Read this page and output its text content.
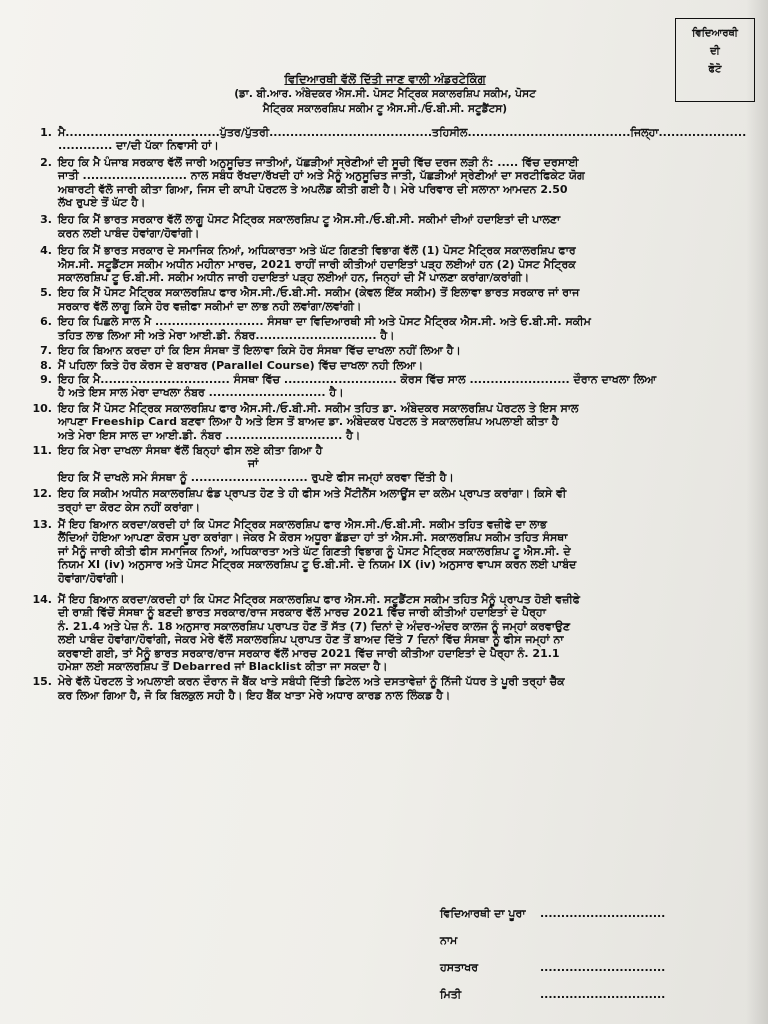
ਵਿਦਿਆਰਥੀ
ਦੀ
ਫੋਟੋ
ਵਿਦਿਆਰਥੀ ਵੱਲੋਂ ਦਿੱਤੀ ਜਾਣ ਵਾਲੀ ਅੰਡਰਟੇਕਿੰਗ
(ਡਾ. ਬੀ.ਆਰ. ਅੰਬੇਦਕਰ ਐਸ.ਸੀ. ਪੋਸਟ ਮੈਟ੍ਰਿਕ ਸਕਾਲਰਸ਼ਿਪ ਸਕੀਮ, ਪੋਸਟ
ਮੈਟ੍ਰਿਕ ਸਕਾਲਰਸ਼ਿਪ ਸਕੀਮ ਟੂ ਐਸ.ਸੀ./ਓ.ਬੀ.ਸੀ. ਸਟੂਡੈਂਟਸ)
1. ਮੈ.....................................ਪੁੱਤਰ/ਪੁੱਤਰੀ.......................................ਤਹਿਸੀਲ.......................................ਜਿਲ੍ਹਾ.....................

............. ਦਾ/ਦੀ ਪੱਕਾ ਨਿਵਾਸੀ ਹਾਂ।

2. ਇਹ ਕਿ ਮੈ ਪੰਜਾਬ ਸਰਕਾਰ ਵੱਲੋਂ ਜਾਰੀ ਅਨੁਸੂਚਿਤ ਜਾਤੀਆਂ, ਪੱਛੜੀਆਂ ਸ੍ਰੇਣੀਆਂ ਦੀ ਸੂਚੀ ਵਿੱਚ ਦਰਜ ਲੜੀ ਨੰ: ..... ਵਿੱਚ ਦਰਸਾਈ

ਜਾਤੀ ......................... ਨਾਲ ਸਬੰਧ ਰੱਖਦਾ/ਰੱਖਦੀ ਹਾਂ ਅਤੇ ਮੈਨੂੰ ਅਨੁਸੂਚਿਤ ਜਾਤੀ, ਪੱਛੜੀਆਂ ਸ੍ਰੇਣੀਆਂ ਦਾ ਸਰਟੀਫਿਕੇਟ ਯੋਗ

ਅਥਾਰਟੀ ਵੱਲੋ ਜਾਰੀ ਕੀਤਾ ਗਿਆ, ਜਿਸ ਦੀ ਕਾਪੀ ਪੋਰਟਲ ਤੇ ਅਪਲੋਡ ਕੀਤੀ ਗਈ ਹੈ। ਮੇਰੇ ਪਰਿਵਾਰ ਦੀ ਸਲਾਨਾ ਆਮਦਨ 2.50

ਲੱਖ ਰੁਪਏ ਤੋਂ ਘੱਟ ਹੈ।

3. ਇਹ ਕਿ ਮੈਂ ਭਾਰਤ ਸਰਕਾਰ ਵੱਲੋਂ ਲਾਗੂ ਪੋਸਟ ਮੈਟ੍ਰਿਕ ਸਕਾਲਰਸ਼ਿਪ ਟੂ ਐਸ.ਸੀ./ਓ.ਬੀ.ਸੀ. ਸਕੀਮਾਂ ਦੀਆਂ ਹਦਾਇਤਾਂ ਦੀ ਪਾਲਣਾ

ਕਰਨ ਲਈ ਪਾਬੰਦ ਹੋਵਾਂਗਾ/ਹੋਵਾਂਗੀ।

4. ਇਹ ਕਿ ਮੈਂ ਭਾਰਤ ਸਰਕਾਰ ਦੇ ਸਮਾਜਿਕ ਨਿਆਂ, ਅਧਿਕਾਰਤਾ ਅਤੇ ਘੱਟ ਗਿਣਤੀ ਵਿਭਾਗ ਵੱਲੋਂ (1) ਪੋਸਟ ਮੈਟ੍ਰਿਕ ਸਕਾਲਰਸ਼ਿਪ ਫਾਰ

ਐਸ.ਸੀ. ਸਟੂਡੈਂਟਸ ਸਕੀਮ ਅਧੀਨ ਮਹੀਨਾ ਮਾਰਚ, 2021 ਰਾਹੀਂ ਜਾਰੀ ਕੀਤੀਆਂ ਹਦਾਇਤਾਂ ਪੜ੍ਹ ਲਈਆਂ ਹਨ (2) ਪੋਸਟ ਮੈਟ੍ਰਿਕ

ਸਕਾਲਰਸ਼ਿਪ ਟੂ ਓ.ਬੀ.ਸੀ. ਸਕੀਮ ਅਧੀਨ ਜਾਰੀ ਹਦਾਇਤਾਂ ਪੜ੍ਹ ਲਈਆਂ ਹਨ, ਜਿਨ੍ਹਾਂ ਦੀ ਮੈਂ ਪਾਲਣਾ ਕਰਾਂਗਾ/ਕਰਾਂਗੀ।

5. ਇਹ ਕਿ ਮੈਂ ਪੋਸਟ ਮੈਟ੍ਰਿਕ ਸਕਾਲਰਸ਼ਿਪ ਫਾਰ ਐਸ.ਸੀ./ਓ.ਬੀ.ਸੀ. ਸਕੀਮ (ਕੇਵਲ ਇੱਕ ਸਕੀਮ) ਤੋਂ ਇਲਾਵਾ ਭਾਰਤ ਸਰਕਾਰ ਜਾਂ ਰਾਜ

ਸਰਕਾਰ ਵੱਲੋਂ ਲਾਗੂ ਕਿਸੇ ਹੋਰ ਵਜ਼ੀਫਾ ਸਕੀਮਾਂ ਦਾ ਲਾਭ ਨਹੀ ਲਵਾਂਗਾ/ਲਵਾਂਗੀ।

6. ਇਹ ਕਿ ਪਿਛਲੇ ਸਾਲ ਮੈ .......................... ਸੰਸਥਾ ਦਾ ਵਿਦਿਆਰਥੀ ਸੀ ਅਤੇ ਪੋਸਟ ਮੈਟ੍ਰਿਕ ਐਸ.ਸੀ. ਅਤੇ ਓ.ਬੀ.ਸੀ. ਸਕੀਮ

ਤਹਿਤ ਲਾਭ ਲਿਆ ਸੀ ਅਤੇ ਮੇਰਾ ਆਈ.ਡੀ. ਨੰਬਰ............................. ਹੈ।

7. ਇਹ ਕਿ ਬਿਆਨ ਕਰਦਾ ਹਾਂ ਕਿ ਇਸ ਸੰਸਥਾ ਤੋਂ ਇਲਾਵਾ ਕਿਸੇ ਹੋਰ ਸੰਸਥਾ ਵਿੱਚ ਦਾਖਲਾ ਨਹੀਂ ਲਿਆ ਹੈ।

8. ਮੈਂ ਪਹਿਲਾ ਕਿਤੇ ਹੋਰ ਕੋਰਸ ਦੇ ਬਰਾਬਰ (Parallel Course) ਵਿੱਚ ਦਾਖਲਾ ਨਹੀ ਲਿਆ।

9. ਇਹ ਕਿ ਮੈ............................... ਸੰਸਥਾ ਵਿੱਚ ........................... ਕੋਰਸ ਵਿੱਚ ਸਾਲ ........................ ਦੌਰਾਨ ਦਾਖਲਾ ਲਿਆ

ਹੈ ਅਤੇ ਇਸ ਸਾਲ ਮੇਰਾ ਦਾਖਲਾ ਨੰਬਰ ............................ ਹੈ।

10. ਇਹ ਕਿ ਮੈਂ ਪੋਸਟ ਮੈਟ੍ਰਿਕ ਸਕਾਲਰਸ਼ਿਪ ਫਾਰ ਐਸ.ਸੀ./ਓ.ਬੀ.ਸੀ. ਸਕੀਮ ਤਹਿਤ ਡਾ. ਅੰਬੇਦਕਰ ਸਕਾਲਰਸ਼ਿਪ ਪੋਰਟਲ ਤੇ ਇਸ ਸਾਲ

ਆਪਣਾ Freeship Card ਬਣਵਾ ਲਿਆ ਹੈ ਅਤੇ ਇਸ ਤੋਂ ਬਾਅਦ ਡਾ. ਅੰਬੇਦਕਰ ਪੋਰਟਲ ਤੇ ਸਕਾਲਰਸ਼ਿਪ ਅਪਲਾਈ ਕੀਤਾ ਹੈ

ਅਤੇ ਮੇਰਾ ਇਸ ਸਾਲ ਦਾ ਆਈ.ਡੀ. ਨੰਬਰ ............................ ਹੈ।

11. ਇਹ ਕਿ ਮੇਰਾ ਦਾਖਲਾ ਸੰਸਥਾ ਵੱਲੋਂ ਬਿਨ੍ਹਾਂ ਫੀਸ ਲਏ ਕੀਤਾ ਗਿਆ ਹੈ

ਜਾਂ

ਇਹ ਕਿ ਮੈਂ ਦਾਖਲੇ ਸਮੇ ਸੰਸਥਾ ਨੂੰ ............................ ਰੁਪਏ ਫੀਸ ਜਮ੍ਹਾਂ ਕਰਵਾ ਦਿੱਤੀ ਹੈ।

12. ਇਹ ਕਿ ਸਕੀਮ ਅਧੀਨ ਸਕਾਲਰਸ਼ਿਪ ਫੰਡ ਪ੍ਰਾਪਤ ਹੋਣ ਤੇ ਹੀ ਫੀਸ ਅਤੇ ਮੈਂਟੀਨੈਂਸ ਅਲਾਊਂਸ ਦਾ ਕਲੇਮ ਪ੍ਰਾਪਤ ਕਰਾਂਗਾ। ਕਿਸੇ ਵੀ

ਤਰ੍ਹਾਂ ਦਾ ਕੋਰਟ ਕੇਸ ਨਹੀਂ ਕਰਾਂਗਾ।

13. ਮੈਂ ਇਹ ਬਿਆਨ ਕਰਦਾ/ਕਰਦੀ ਹਾਂ ਕਿ ਪੋਸਟ ਮੈਟ੍ਰਿਕ ਸਕਾਲਰਸ਼ਿਪ ਫਾਰ ਐਸ.ਸੀ./ਓ.ਬੀ.ਸੀ. ਸਕੀਮ ਤਹਿਤ ਵਜ਼ੀਫੇ ਦਾ ਲਾਭ

ਲੈਂਦਿਆਂ ਹੋਇਆ ਆਪਣਾ ਕੋਰਸ ਪੂਰਾ ਕਰਾਂਗਾ। ਜੇਕਰ ਮੈ ਕੋਰਸ ਅਧੂਰਾ ਛੱਡਦਾ ਹਾਂ ਤਾਂ ਐਸ.ਸੀ. ਸਕਾਲਰਸ਼ਿਪ ਸਕੀਮ ਤਹਿਤ ਸੰਸਥਾ

ਜਾਂ ਮੈਨੂੰ ਜਾਰੀ ਕੀਤੀ ਫੀਸ ਸਮਾਜਿਕ ਨਿਆਂ, ਅਧਿਕਾਰਤਾ ਅਤੇ ਘੱਟ ਗਿਣਤੀ ਵਿਭਾਗ ਨੂੰ ਪੋਸਟ ਮੈਟ੍ਰਿਕ ਸਕਾਲਰਸ਼ਿਪ ਟੂ ਐਸ.ਸੀ. ਦੇ

ਨਿਯਮ XI (iv) ਅਨੁਸਾਰ ਅਤੇ ਪੋਸਟ ਮੈਟ੍ਰਿਕ ਸਕਾਲਰਸ਼ਿਪ ਟੂ ਓ.ਬੀ.ਸੀ. ਦੇ ਨਿਯਮ IX (iv) ਅਨੁਸਾਰ ਵਾਪਸ ਕਰਨ ਲਈ ਪਾਬੰਦ

ਹੋਵਾਂਗਾ/ਹੋਵਾਂਗੀ।

14. ਮੈਂ ਇਹ ਬਿਆਨ ਕਰਦਾ/ਕਰਦੀ ਹਾਂ ਕਿ ਪੋਸਟ ਮੈਟ੍ਰਿਕ ਸਕਾਲਰਸ਼ਿਪ ਫਾਰ ਐਸ.ਸੀ. ਸਟੂਡੈਂਟਸ ਸਕੀਮ ਤਹਿਤ ਮੈਨੂੰ ਪ੍ਰਾਪਤ ਹੋਈ ਵਜ਼ੀਫੇ

ਦੀ ਰਾਸ਼ੀ ਵਿੱਚੋਂ ਸੰਸਥਾ ਨੂੰ ਬਣਦੀ ਭਾਰਤ ਸਰਕਾਰ/ਰਾਜ ਸਰਕਾਰ ਵੱਲੋਂ ਮਾਰਚ 2021 ਵਿੱਚ ਜਾਰੀ ਕੀਤੀਆਂ ਹਦਾਇਤਾਂ ਦੇ ਪੈਰ੍ਹਾ

ਨੰ. 21.4 ਅਤੇ ਪੇਜ਼ ਨੰ. 18 ਅਨੁਸਾਰ ਸਕਾਲਰਸ਼ਿਪ ਪ੍ਰਾਪਤ ਹੋਣ ਤੋਂ ਸੱਤ (7) ਦਿਨਾਂ ਦੇ ਅੰਦਰ-ਅੰਦਰ ਕਾਲਜ ਨੂੰ ਜਮ੍ਹਾਂ ਕਰਵਾਉਣ

ਲਈ ਪਾਬੰਦ ਹੋਵਾਂਗਾ/ਹੋਵਾਂਗੀ, ਜੇਕਰ ਮੇਰੇ ਵੱਲੋਂ ਸਕਾਲਰਸ਼ਿਪ ਪ੍ਰਾਪਤ ਹੋਣ ਤੋਂ ਬਾਅਦ ਦਿੱਤੇ 7 ਦਿਨਾਂ ਵਿੱਚ ਸੰਸਥਾ ਨੂੰ ਫੀਸ ਜਮ੍ਹਾਂ ਨਾ

ਕਰਵਾਈ ਗਈ, ਤਾਂ ਮੈਨੂੰ ਭਾਰਤ ਸਰਕਾਰ/ਰਾਜ ਸਰਕਾਰ ਵੱਲੋਂ ਮਾਰਚ 2021 ਵਿੱਚ ਜਾਰੀ ਕੀਤੀਆ ਹਦਾਇਤਾਂ ਦੇ ਪੈਰ੍ਹਾ ਨੰ. 21.1

ਹਮੇਸ਼ਾ ਲਈ ਸਕਾਲਰਸ਼ਿਪ ਤੋਂ Debarred ਜਾਂ Blacklist ਕੀਤਾ ਜਾ ਸਕਦਾ ਹੈ।

15. ਮੇਰੇ ਵੱਲੋ ਪੋਰਟਲ ਤੇ ਅਪਲਾਈ ਕਰਨ ਦੌਰਾਨ ਜੋ ਬੈਂਕ ਖਾਤੇ ਸਬੰਧੀ ਦਿੱਤੀ ਡਿਟੇਲ ਅਤੇ ਦਸਤਾਵੇਜ਼ਾਂ ਨੂੰ ਨਿੱਜੀ ਪੱਧਰ ਤੇ ਪੂਰੀ ਤਰ੍ਹਾਂ ਚੈੱਕ

ਕਰ ਲਿਆ ਗਿਆ ਹੈ, ਜੋ ਕਿ ਬਿਲਕੁਲ ਸਹੀ ਹੈ। ਇਹ ਬੈਂਕ ਖਾਤਾ ਮੇਰੇ ਅਧਾਰ ਕਾਰਡ ਨਾਲ ਲਿੰਕਡ ਹੈ।

ਵਿਦਿਆਰਥੀ ਦਾ ਪੂਰਾ ਨਾਮ
..............................
ਹਸਤਾਖਰ	..............................
ਮਿਤੀ	..............................
